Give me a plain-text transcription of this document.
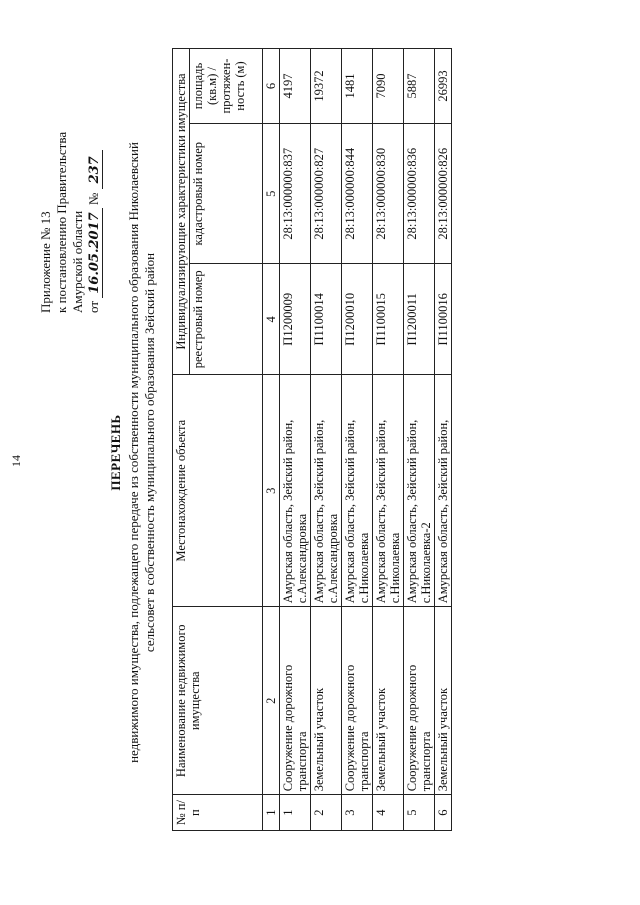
14
Приложение № 13 к постановлению Правительства Амурской области от 16.05.2017 № 237
ПЕРЕЧЕНЬ недвижимого имущества, подлежащего передаче из собственности муниципального образования Николаевский сельсовет в собственность муниципального образования Зейский район
№ п/п	Наименование недвижимого имущества	Местонахождение объекта	Индивидуализирующие характеристики имущества		
			реестровый номер	кадастровый номер	площадь (кв.м) / протяжен-ность (м)
1	2	3	4	5	6
1	Сооружение дорожного транспорта	Амурская область, Зейский район, с.Александровка	П1200009	28:13:000000:837	4197
2	Земельный участок	Амурская область, Зейский район, с.Александровка	П1100014	28:13:000000:827	19372
3	Сооружение дорожного транспорта	Амурская область, Зейский район, с.Николаевка	П1200010	28:13:000000:844	1481
4	Земельный участок	Амурская область, Зейский район, с.Николаевка	П1100015	28:13:000000:830	7090
5	Сооружение дорожного транспорта	Амурская область, Зейский район, с.Николаевка-2	П1200011	28:13:000000:836	5887
6	Земельный участок	Амурская область, Зейский район,	П1100016	28:13:000000:826	26993
